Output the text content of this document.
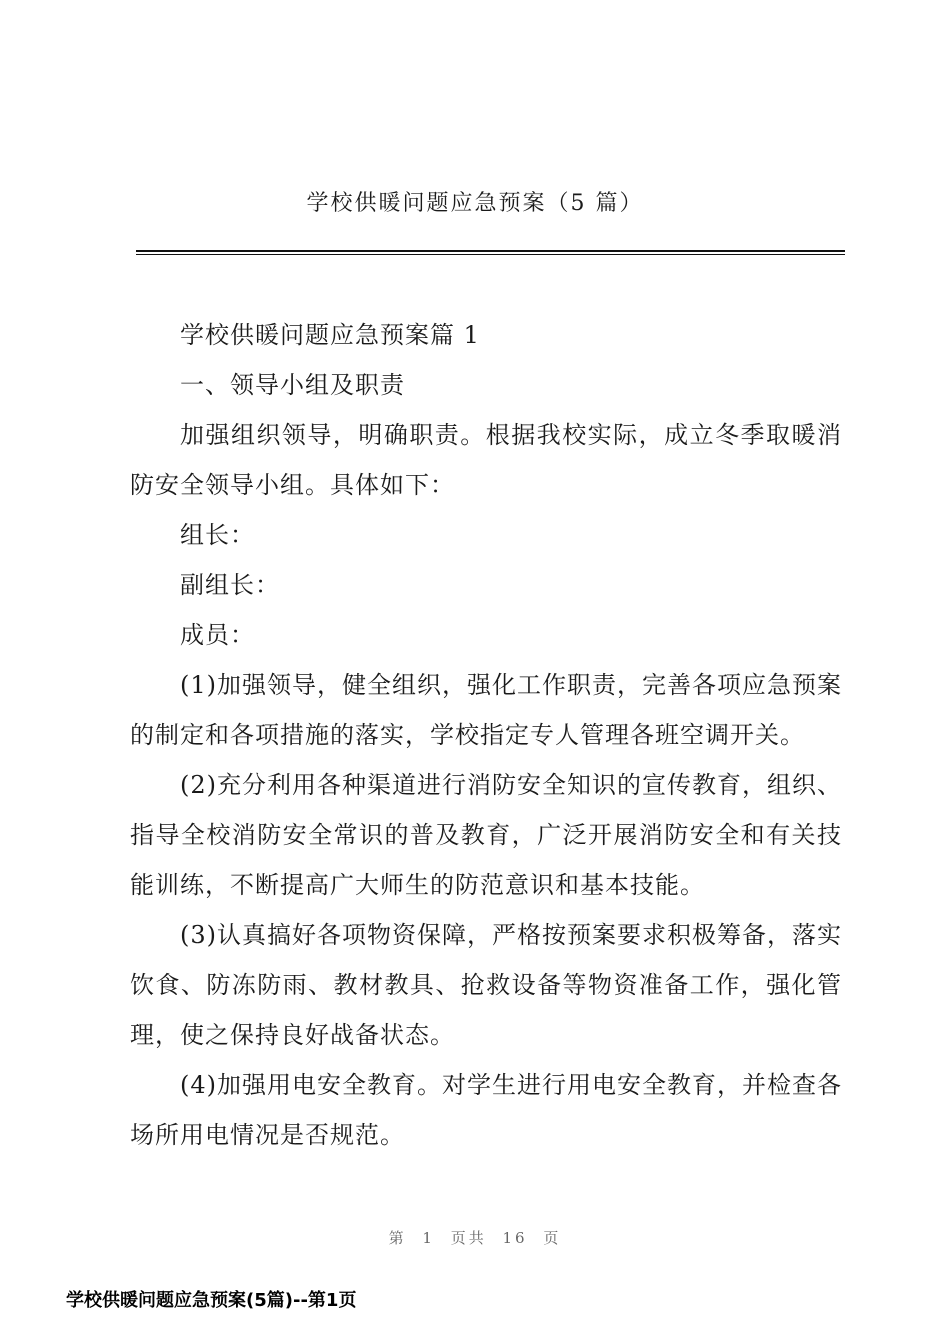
学校供暖问题应急预案（5 篇）

学校供暖问题应急预案篇 1

一、领导小组及职责

加强组织领导，明确职责。根据我校实际，成立冬季取暖消防安全领导小组。具体如下：

组长：

副组长：

成员：

(1)加强领导，健全组织，强化工作职责，完善各项应急预案的制定和各项措施的落实，学校指定专人管理各班空调开关。

(2)充分利用各种渠道进行消防安全知识的宣传教育，组织、指导全校消防安全常识的普及教育，广泛开展消防安全和有关技能训练，不断提高广大师生的防范意识和基本技能。

(3)认真搞好各项物资保障，严格按预案要求积极筹备，落实饮食、防冻防雨、教材教具、抢救设备等物资准备工作，强化管理，使之保持良好战备状态。

(4)加强用电安全教育。对学生进行用电安全教育，并检查各场所用电情况是否规范。

第 1 页共 16 页
学校供暖问题应急预案(5篇)--第1页
